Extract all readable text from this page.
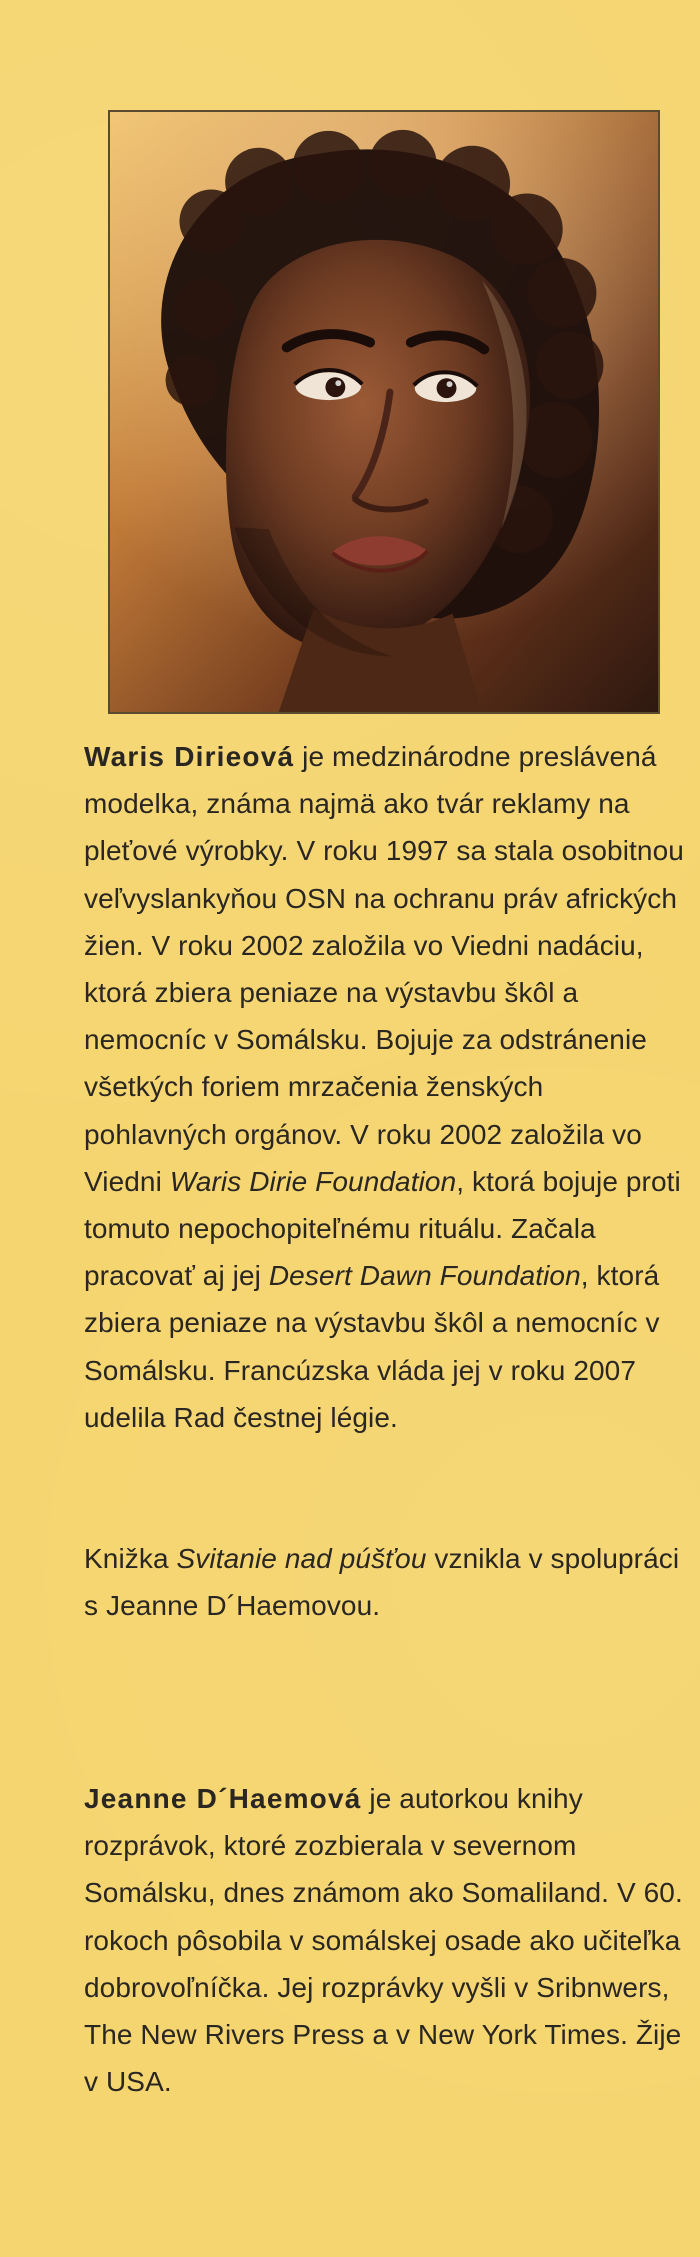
Waris Dirieová je medzinárodne preslávená modelka, známa najmä ako tvár reklamy na pleťové výrobky. V roku 1997 sa stala osobitnou veľvyslankyňou OSN na ochranu práv afrických žien. V roku 2002 založila vo Viedni nadáciu, ktorá zbiera peniaze na výstavbu škôl a nemocníc v Somálsku. Bojuje za odstránenie všetkých foriem mrzačenia ženských pohlavných orgánov. V roku 2002 založila vo Viedni Waris Dirie Foundation, ktorá bojuje proti tomuto nepochopiteľnému rituálu. Začala pracovať aj jej Desert Dawn Foundation, ktorá zbiera peniaze na výstavbu škôl a nemocníc v Somálsku. Francúzska vláda jej v roku 2007 udelila Rad čestnej légie.
Knižka Svitanie nad púšťou vznikla v spolupráci s Jeanne D´Haemovou.
Jeanne D´Haemová je autorkou knihy rozprávok, ktoré zozbierala v severnom Somálsku, dnes známom ako Somaliland. V 60. rokoch pôsobila v somálskej osade ako učiteľka dobrovoľníčka. Jej rozprávky vyšli v Sribnwers, The New Rivers Press a v New York Times. Žije v USA.
